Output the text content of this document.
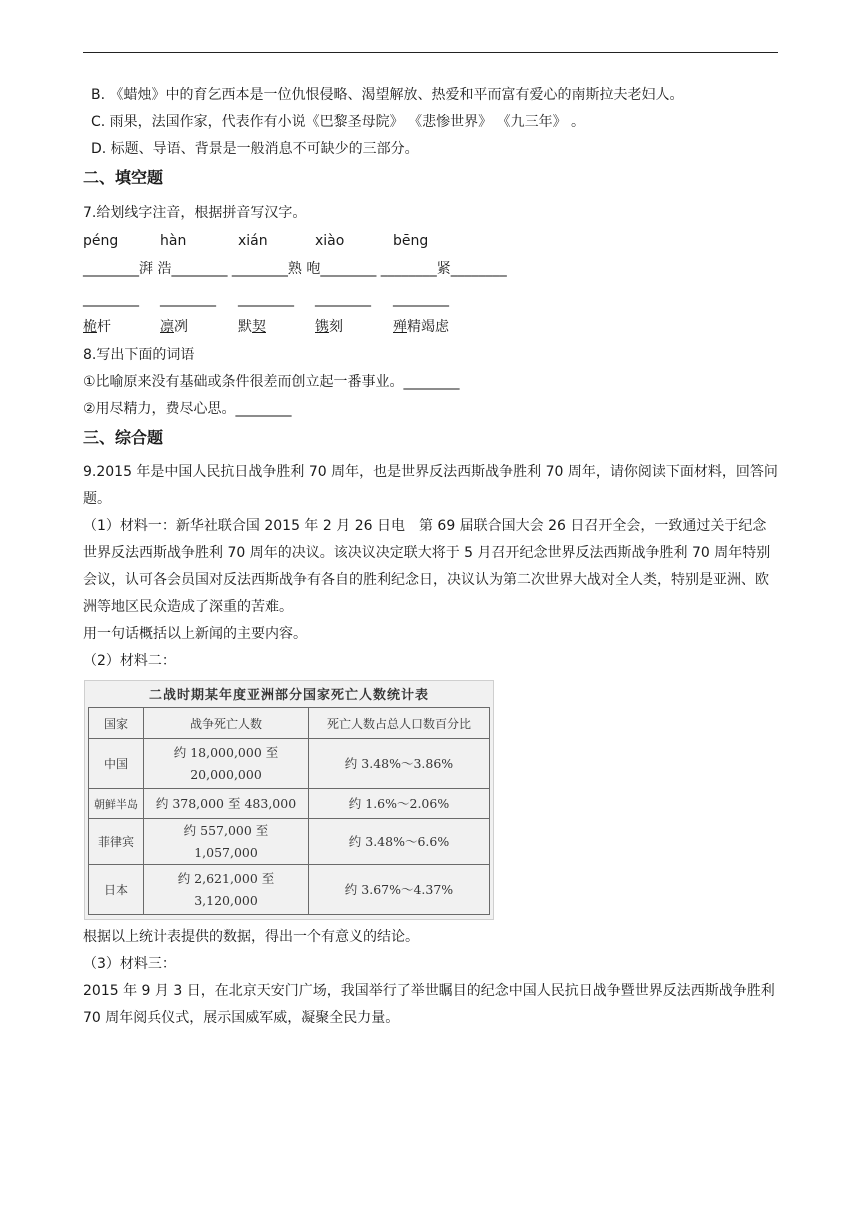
B. 《蜡烛》中的育乞西本是一位仇恨侵略、渴望解放、热爱和平而富有爱心的南斯拉夫老妇人。
C. 雨果，法国作家，代表作有小说《巴黎圣母院》 《悲惨世界》 《九三年》 。
D. 标题、导语、背景是一般消息不可缺少的三部分。
二、填空题
7.给划线字注音，根据拼音写汉字。
péng	hàn	xián	xiào	bēng
________湃 浩________ ________熟 咆________ ________紧________
________ ________ ________ ________ ________
桅杆	凛冽	默契	镌刻	殚精竭虑
8.写出下面的词语
①比喻原来没有基础或条件很差而创立起一番事业。________
②用尽精力，费尽心思。________
三、综合题
9.2015 年是中国人民抗日战争胜利 70 周年，也是世界反法西斯战争胜利 70 周年，请你阅读下面材料，回答问题。
（1）材料一：新华社联合国 2015 年 2 月 26 日电　第 69 届联合国大会 26 日召开全会，一致通过关于纪念世界反法西斯战争胜利 70 周年的决议。该决议决定联大将于 5 月召开纪念世界反法西斯战争胜利 70 周年特别会议，认可各会员国对反法西斯战争有各自的胜利纪念日，决议认为第二次世界大战对全人类，特别是亚洲、欧洲等地区民众造成了深重的苦难。
用一句话概括以上新闻的主要内容。
（2）材料二：
二战时期某年度亚洲部分国家死亡人数统计表
国家	战争死亡人数	死亡人数占总人口数百分比
中国	约 18,000,000 至
20,000,000	约 3.48%～3.86%
朝鲜半岛	约 378,000 至 483,000	约 1.6%～2.06%
菲律宾	约 557,000 至
1,057,000	约 3.48%～6.6%
日本	约 2,621,000 至
3,120,000	约 3.67%～4.37%
根据以上统计表提供的数据，得出一个有意义的结论。
（3）材料三：
2015 年 9 月 3 日，在北京天安门广场，我国举行了举世瞩目的纪念中国人民抗日战争暨世界反法西斯战争胜利 70 周年阅兵仪式，展示国威军威，凝聚全民力量。
